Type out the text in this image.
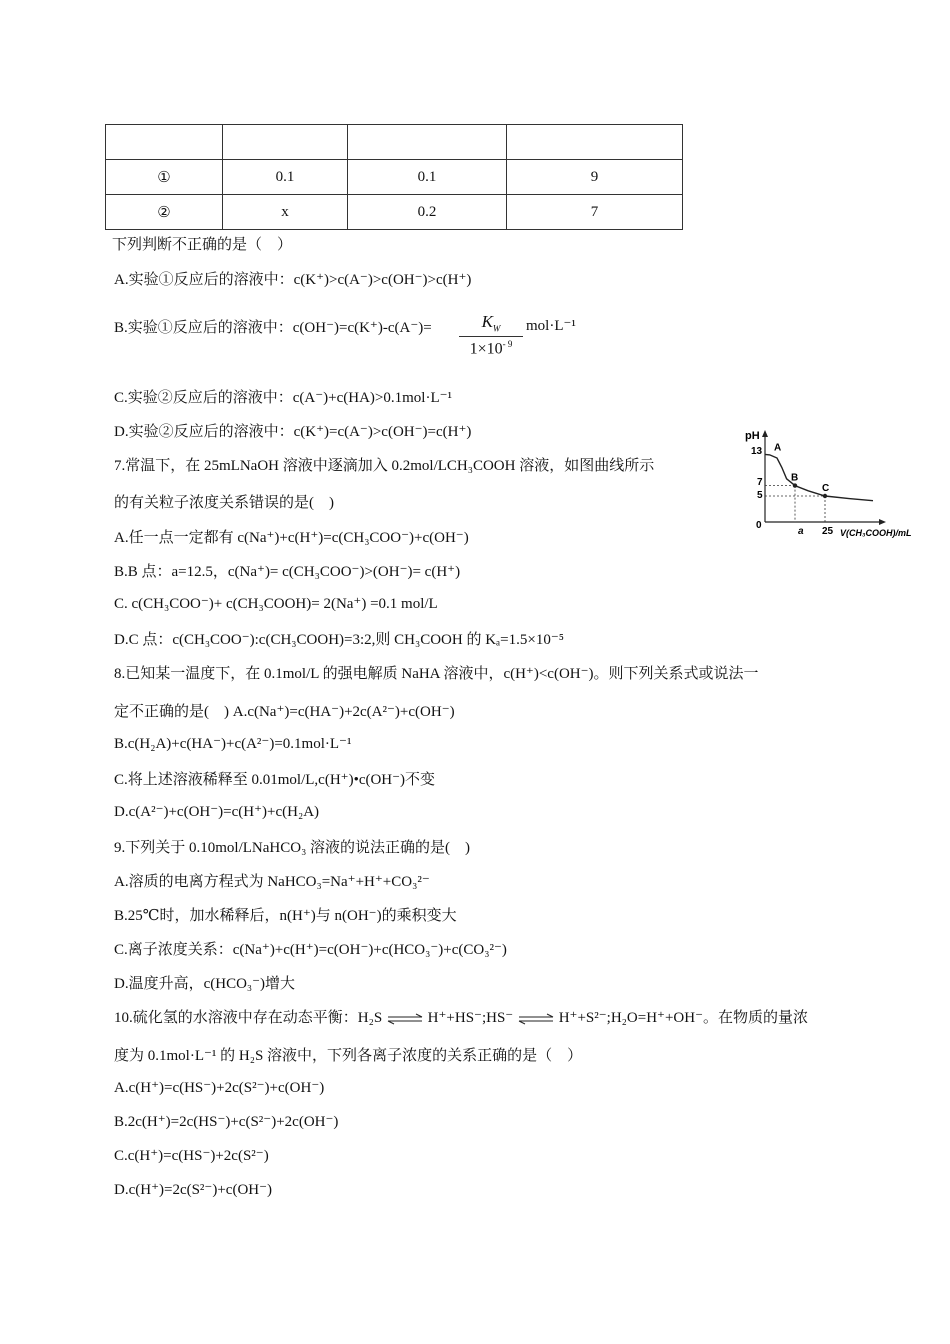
①	0.1	0.1	9
②	x	0.2	7
下列判断不正确的是（　）
A.实验①反应后的溶液中：c(K⁺)>c(A⁻)>c(OH⁻)>c(H⁺)
B.实验①反应后的溶液中：c(OH⁻)=c(K⁺)-c(A⁻)=	$K_W$
$1\times 10^{- 9}$
mol·L⁻¹
C.实验②反应后的溶液中：c(A⁻)+c(HA)>0.1mol·L⁻¹
D.实验②反应后的溶液中：c(K⁺)=c(A⁻)>c(OH⁻)=c(H⁺)
7.常温下，在 25mLNaOH 溶液中逐滴加入 0.2mol/LCH₃COOH 溶液，如图曲线所示
的有关粒子浓度关系错误的是(　)
A.任一点一定都有 c(Na⁺)+c(H⁺)=c(CH₃COO⁻)+c(OH⁻)
B.B 点：a=12.5，c(Na⁺)= c(CH₃COO⁻)>(OH⁻)= c(H⁺)
C. c(CH₃COO⁻)+ c(CH₃COOH)= 2(Na⁺) =0.1 mol/L
D.C 点：c(CH₃COO⁻):c(CH₃COOH)=3:2,则 CH₃COOH 的 Kₐ=1.5×10⁻⁵
pH
V(CH₃COOH)/mL
13
7
5
0
a 25
A
B
C
8.已知某一温度下，在 0.1mol/L 的强电解质 NaHA 溶液中，c(H⁺)<c(OH⁻)。则下列关系式或说法一
定不正确的是(　) A.c(Na⁺)=c(HA⁻)+2c(A²⁻)+c(OH⁻)
B.c(H₂A)+c(HA⁻)+c(A²⁻)=0.1mol·L⁻¹
C.将上述溶液稀释至 0.01mol/L,c(H⁺)•c(OH⁻)不变
D.c(A²⁻)+c(OH⁻)=c(H⁺)+c(H₂A)
9.下列关于 0.10mol/LNaHCO₃ 溶液的说法正确的是(　)
A.溶质的电离方程式为 NaHCO₃=Na⁺+H⁺+CO₃²⁻
B.25℃时，加水稀释后，n(H⁺)与 n(OH⁻)的乘积变大
C.离子浓度关系：c(Na⁺)+c(H⁺)=c(OH⁻)+c(HCO₃⁻)+c(CO₃²⁻)
D.温度升高，c(HCO₃⁻)增大
10.硫化氢的水溶液中存在动态平衡：H₂S ⇌ H⁺+HS⁻;HS⁻ ⇌ H⁺+S²⁻;H₂O=H⁺+OH⁻。在物质的量浓
度为 0.1mol·L⁻¹ 的 H₂S 溶液中，下列各离子浓度的关系正确的是（　）
A.c(H⁺)=c(HS⁻)+2c(S²⁻)+c(OH⁻)
B.2c(H⁺)=2c(HS⁻)+c(S²⁻)+2c(OH⁻)
C.c(H⁺)=c(HS⁻)+2c(S²⁻)
D.c(H⁺)=2c(S²⁻)+c(OH⁻)
